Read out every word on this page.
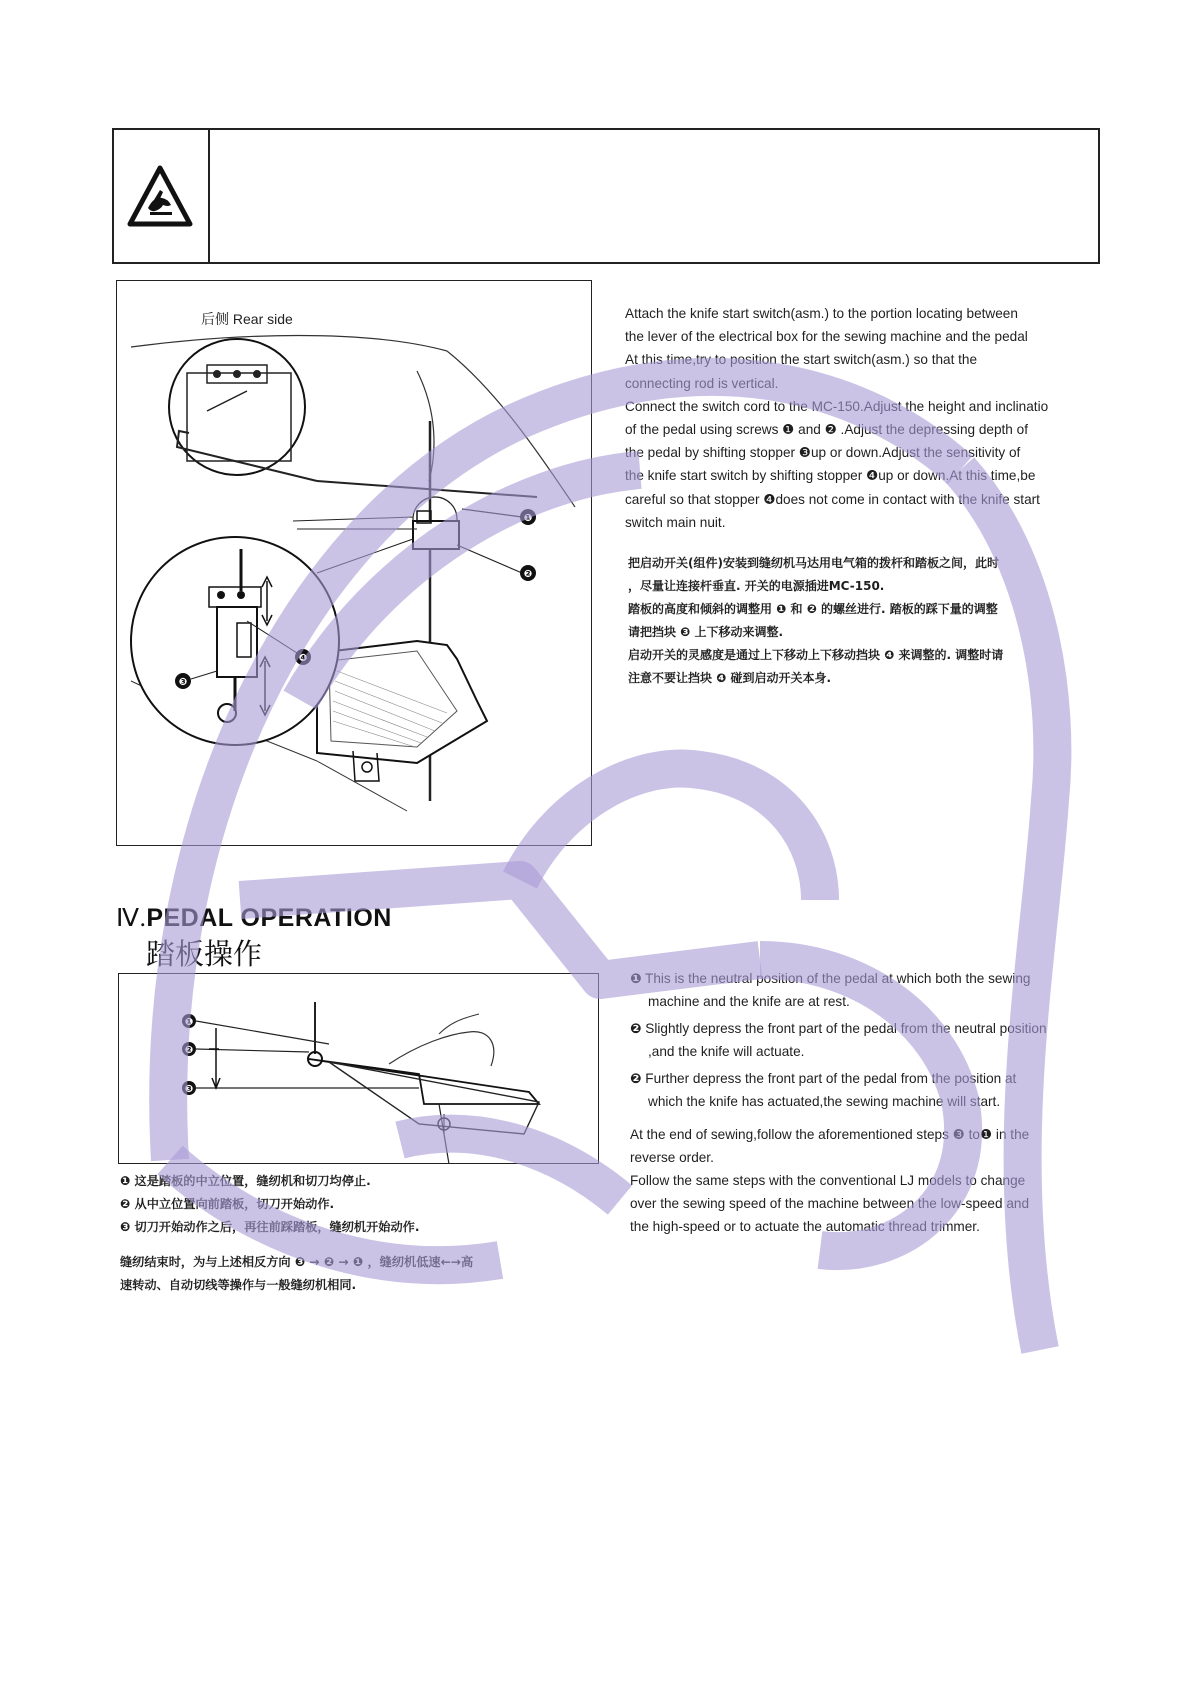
后侧 Rear side
❶
❷
❹
❸

Attach the knife start switch(asm.) to the portion locating between

the lever of the electrical box for the sewing machine and the pedal

At this time,try to position the start switch(asm.) so that the

connecting rod is vertical.

Connect the switch cord to the MC-150.Adjust the height and inclinatio

of the pedal using screws ❶ and ❷ .Adjust the depressing depth of

the pedal by shifting stopper ❸up or down.Adjust the sensitivity of

the knife start switch by shifting stopper ❹up or down.At this time,be

careful so that stopper ❹does not come in contact with the knife start

switch main nuit.

把启动开关(组件)安装到缝纫机马达用电气箱的拨杆和踏板之间，此时

，尽量让连接杆垂直. 开关的电源插进MC-150.

踏板的高度和倾斜的调整用 ❶ 和 ❷ 的螺丝进行. 踏板的踩下量的调整

请把挡块 ❸ 上下移动来调整.

启动开关的灵感度是通过上下移动上下移动挡块 ❹ 来调整的. 调整时请

注意不要让挡块 ❹ 碰到启动开关本身.

Ⅳ.PEDAL OPERATION
踏板操作
❶
❷
❸

❶ This is the neutral position of the pedal at which both the sewing
machine and the knife are at rest.

❷ Slightly depress the front part of the pedal from the neutral position
,and the knife will actuate.

❷ Further depress the front part of the pedal from the position at
which the knife has actuated,the sewing machine will start.

At the end of sewing,follow the aforementioned steps ❸ to❶ in the

reverse order.

Follow the same steps with the conventional LJ models to change

over the sewing speed of the machine between the low-speed and

the high-speed or to actuate the automatic thread trimmer.

❶ 这是踏板的中立位置，缝纫机和切刀均停止.

❷ 从中立位置向前踏板，切刀开始动作.

❸ 切刀开始动作之后，再往前踩踏板，缝纫机开始动作.

缝纫结束时，为与上述相反方向 ❸ → ❷ → ❶ ，缝纫机低速←→高

速转动、自动切线等操作与一般缝纫机相同.
